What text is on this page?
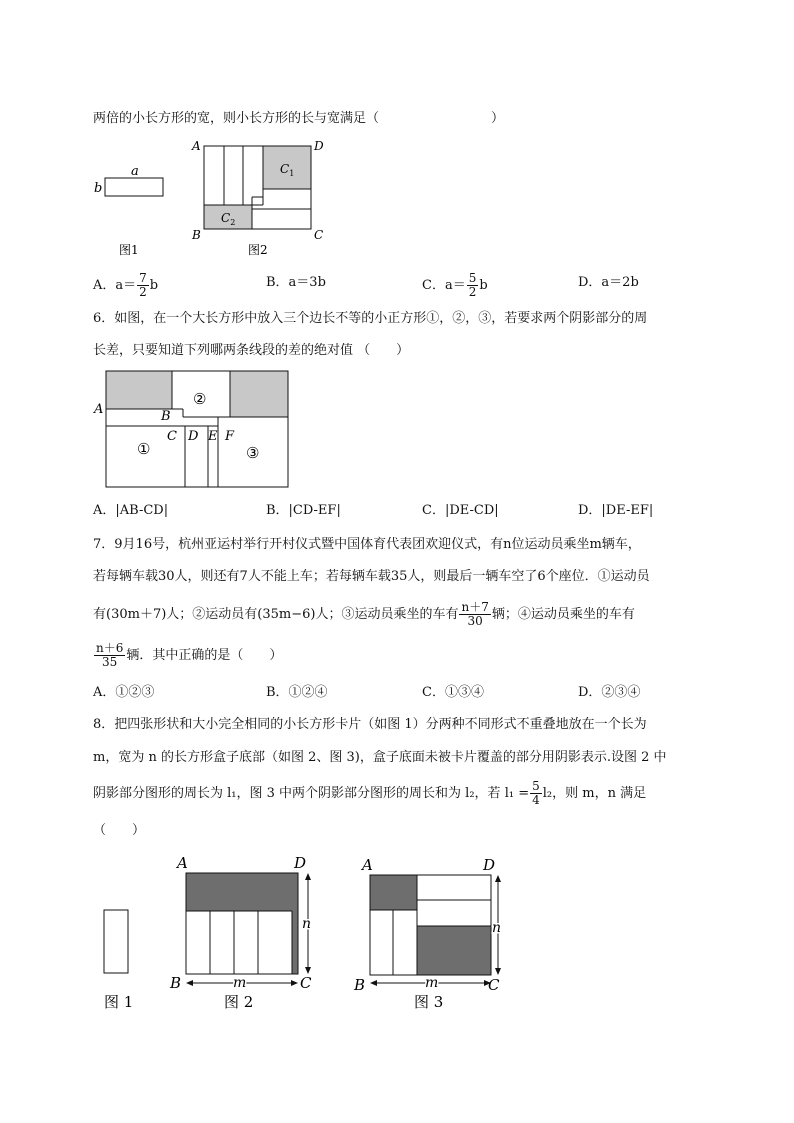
两倍的小长方形的宽，则小长方形的长与宽满足（	）
a
b
图1
A	D
B	C
$C_1$
$C_2$
图2
A．$a= \frac{7}{2}$ b	B．a＝3b	C．$a= \frac{5}{2}$ b	D．a＝2b
6．如图，在一个大长方形中放入三个边长不等的小正方形①，②，③，若要求两个阴影部分的周
长差，只要知道下列哪两条线段的差的绝对值 （　　）
A	B
C D E F
①
②
③
A．|AB-CD|	B．|CD-EF|	C．|DE-CD|	D．|DE-EF|
7．9月16号，杭州亚运村举行开村仪式暨中国体育代表团欢迎仪式，有n位运动员乘坐m辆车，
若每辆车载30人，则还有7人不能上车；若每辆车载35人，则最后一辆车空了6个座位．①运动员
有(30m＋7)人；②运动员有(35m−6)人；③运动员乘坐的车有 $\frac{n+7}{30}$ 辆；④运动员乘坐的车有
$\frac{n+6}{35}$ 辆．其中正确的是（　　）
A．①②③	B．①②④	C．①③④	D．②③④
8．把四张形状和大小完全相同的小长方形卡片（如图 1）分两种不同形式不重叠地放在一个长为
m，宽为 n 的长方形盒子底部（如图 2、图 3)，盒子底面未被卡片覆盖的部分用阴影表示.设图 2 中
阴影部分图形的周长为 l₁，图 3 中两个阴影部分图形的周长和为 l₂，若 $l_1 = \frac{5}{4} l_2$，则 m，n 满足
（　　）
图 1
A	D
B	C
n
m
图 2
A	D
B	C
n
m
图 3
